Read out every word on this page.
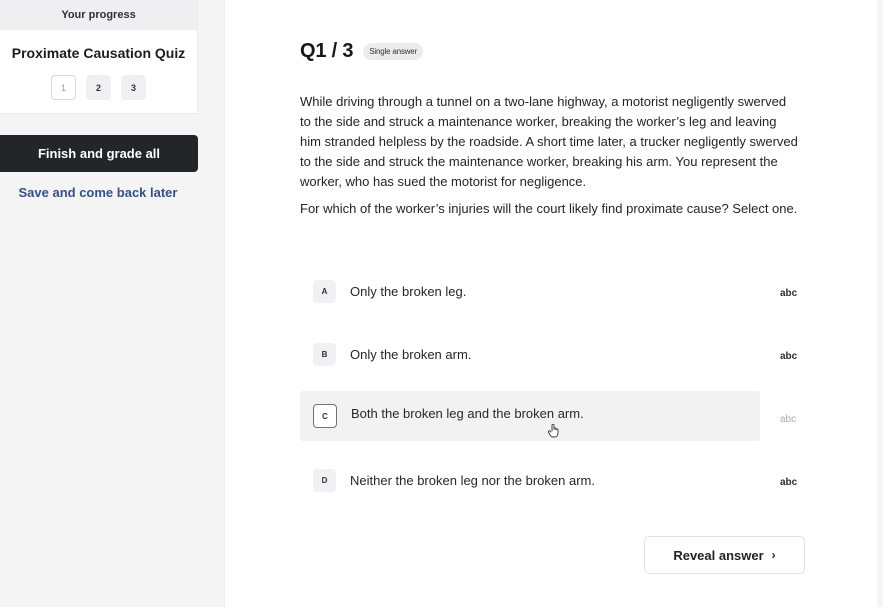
Your progress
Proximate Causation Quiz
1	2	3
Finish and grade all
Save and come back later
Q1 / 3	Single answer

While driving through a tunnel on a two-lane highway, a motorist negligently swerved to the side and struck a maintenance worker, breaking the worker’s leg and leaving him stranded helpless by the roadside. A short time later, a trucker negligently swerved to the side and struck the maintenance worker, breaking his arm. You represent the worker, who has sued the motorist for negligence.

For which of the worker’s injuries will the court likely find proximate cause? Select one.

A	Only the broken leg.	abc
B	Only the broken arm.	abc
C	Both the broken leg and the broken arm.	abc
D	Neither the broken leg nor the broken arm.	abc
Reveal answer ›
